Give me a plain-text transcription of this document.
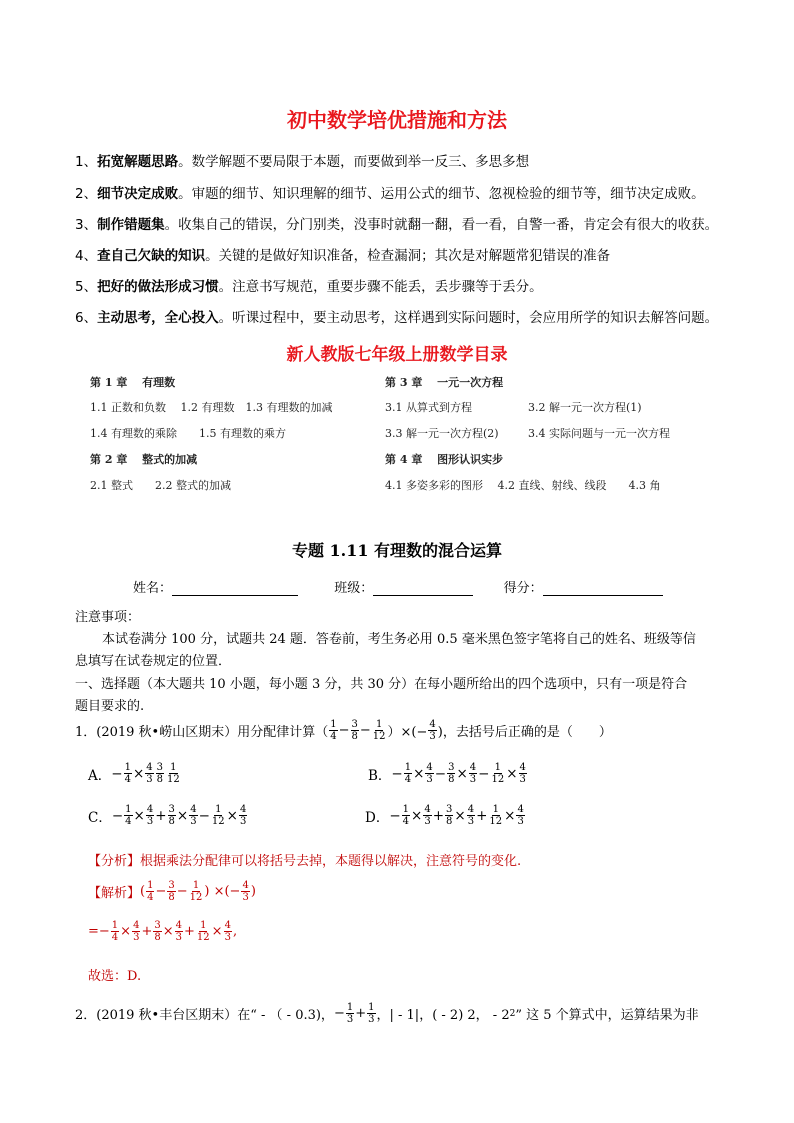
初中数学培优措施和方法
1、拓宽解题思路。数学解题不要局限于本题，而要做到举一反三、多思多想
2、细节决定成败。审题的细节、知识理解的细节、运用公式的细节、忽视检验的细节等，细节决定成败。
3、制作错题集。收集自己的错误，分门别类，没事时就翻一翻，看一看，自警一番，肯定会有很大的收获。
4、查自己欠缺的知识。关键的是做好知识准备，检查漏洞；其次是对解题常犯错误的准备
5、把好的做法形成习惯。注意书写规范，重要步骤不能丢，丢步骤等于丢分。
6、主动思考，全心投入。听课过程中，要主动思考，这样遇到实际问题时，会应用所学的知识去解答问题。
新人教版七年级上册数学目录
第 1 章　 有理数
1.1 正数和负数　 1.2 有理数　1.3 有理数的加减
1.4 有理数的乘除　　1.5 有理数的乘方
第 2 章　 整式的加减
2.1 整式　　2.2 整式的加减
第 3 章　 一元一次方程
3.1 从算式到方程	3.2 解一元一次方程(1)
3.3 解一元一次方程(2)	3.4 实际问题与一元一次方程
第 4 章　 图形认识实步
4.1 多姿多彩的图形　 4.2 直线、射线、线段　　4.3 角
专题 1.11 有理数的混合运算
姓名：	班级：	得分：
注意事项：
本试卷满分 100 分，试题共 24 题．答卷前，考生务必用 0.5 毫米黑色签字笔将自己的姓名、班级等信
息填写在试卷规定的位置．
一、选择题（本大题共 10 小题，每小题 3 分，共 30 分）在每小题所给出的四个选项中，只有一项是符合
题目要求的.
1．(2019 秋•崂山区期末）用分配律计算（ $\frac{1}{4} - \frac{3}{8} - \frac{1}{12}$ ）×(− $\frac{4}{3}$ )，去括号后正确的是（　　）
A． − $\frac{1}{4} \times \frac{4}{3} \frac{3}{8} \frac{1}{12}$	B． − $\frac{1}{4} \times \frac{4}{3} - \frac{3}{8} \times \frac{4}{3} - \frac{1}{12} \times \frac{4}{3}$
C． − $\frac{1}{4} \times \frac{4}{3} + \frac{3}{8} \times \frac{4}{3} - \frac{1}{12} \times \frac{4}{3}$	D． − $\frac{1}{4} \times \frac{4}{3} + \frac{3}{8} \times \frac{4}{3} + \frac{1}{12} \times \frac{4}{3}$
【分析】根据乘法分配律可以将括号去掉，本题得以解决，注意符号的变化.
【解析】 ( $\frac{1}{4} - \frac{3}{8} - \frac{1}{12}$ ) ×(− $\frac{4}{3}$ )
=− $\frac{1}{4} \times \frac{4}{3} + \frac{3}{8} \times \frac{4}{3} + \frac{1}{12} \times \frac{4}{3}$ ,
故选：D.
2．(2019 秋•丰台区期末）在“ - （ - 0.3)， − $\frac{1}{3} + \frac{1}{3}$ ，| - 1|，( - 2) 2， - 2 2 ” 这 5 个算式中，运算结果为非
